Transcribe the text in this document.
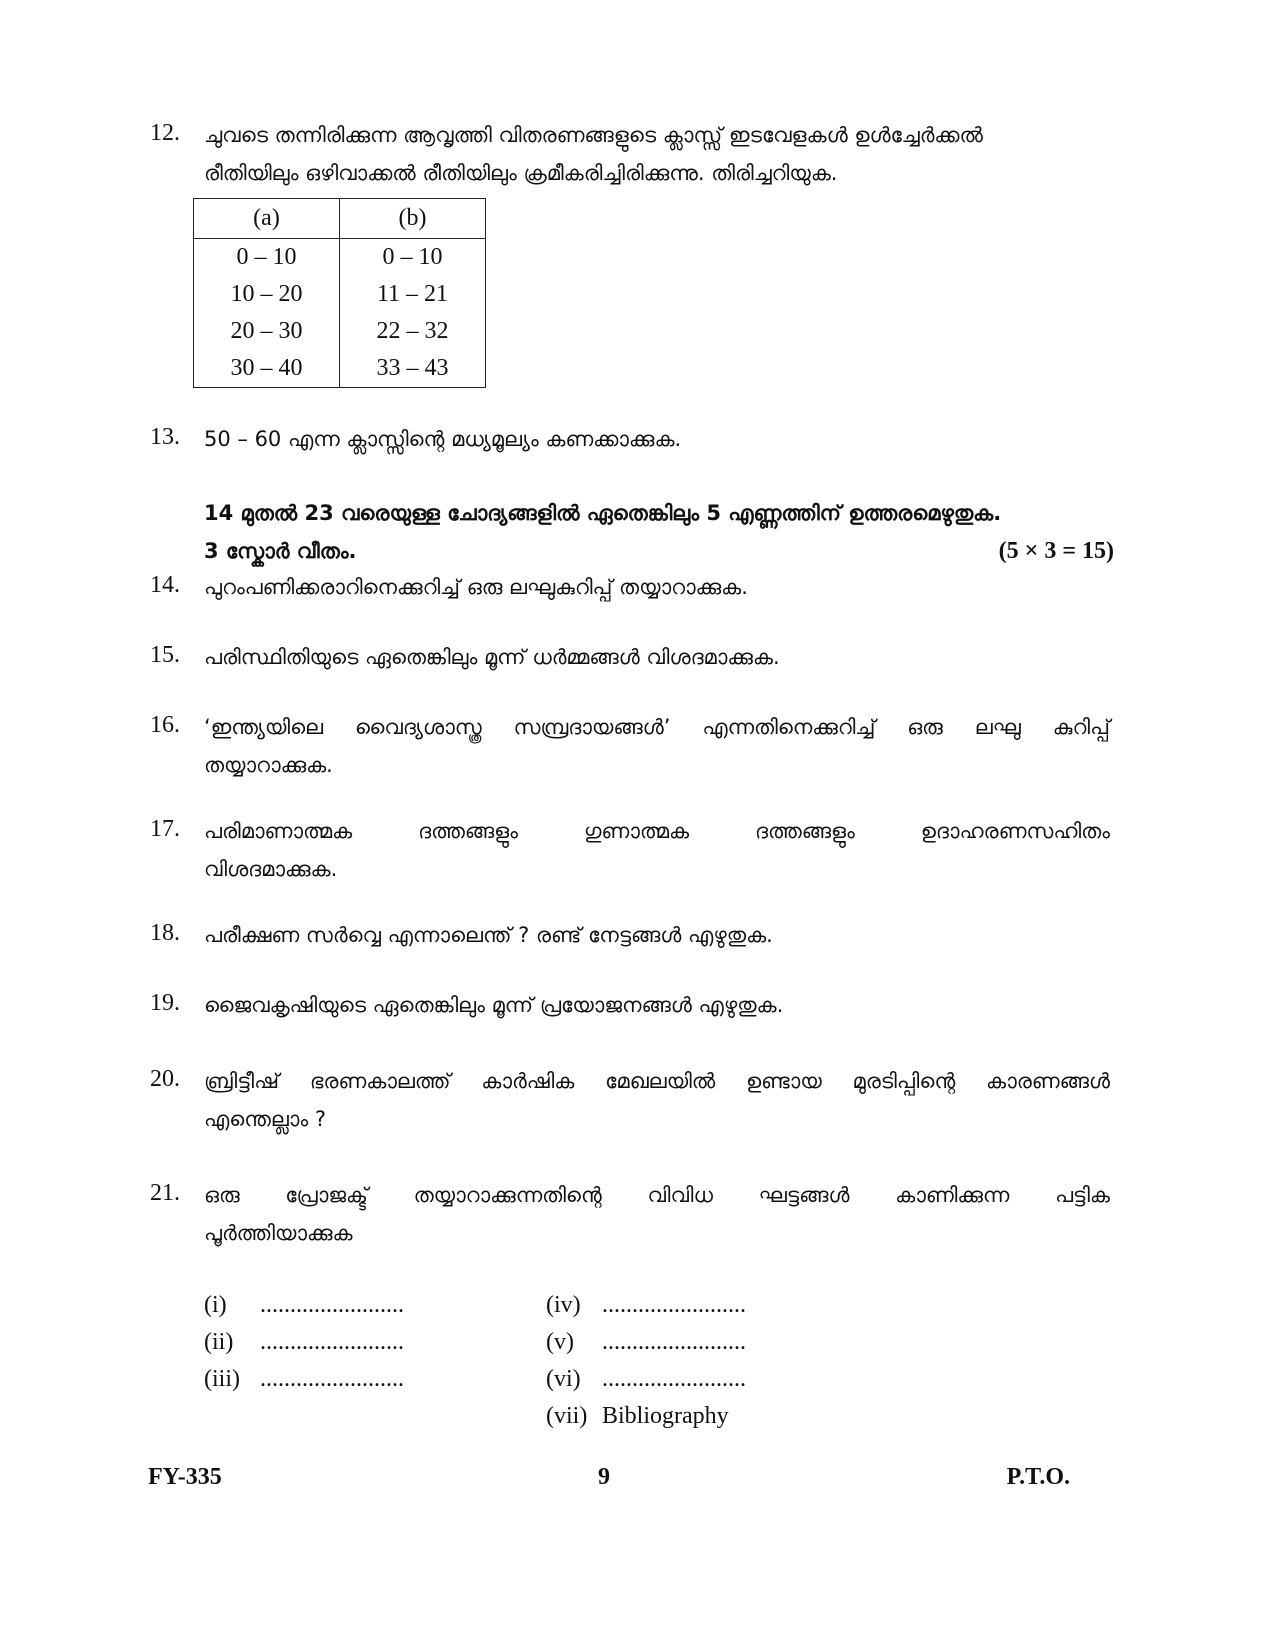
12. ചുവടെ തന്നിരിക്കുന്ന ആവൃത്തി വിതരണങ്ങളുടെ ക്ലാസ്സ് ഇടവേളകൾ ഉൾച്ചേർക്കൽ
രീതിയിലും ഒഴിവാക്കൽ രീതിയിലും ക്രമീകരിച്ചിരിക്കുന്നു. തിരിച്ചറിയുക.
(a)	(b)
0 – 10	0 – 10
10 – 20	11 – 21
20 – 30	22 – 32
30 – 40	33 – 43
13. 50 – 60 എന്ന ക്ലാസ്സിന്റെ മധ്യമൂല്യം കണക്കാക്കുക.
14 മുതൽ 23 വരെയുള്ള ചോദ്യങ്ങളിൽ ഏതെങ്കിലും 5 എണ്ണത്തിന് ഉത്തരമെഴുതുക.
3 സ്കോർ വീതം.	(5 × 3 = 15)
14. പുറംപണിക്കരാറിനെക്കുറിച്ച് ഒരു ലഘുകുറിപ്പ് തയ്യാറാക്കുക.
15. പരിസ്ഥിതിയുടെ ഏതെങ്കിലും മൂന്ന് ധർമ്മങ്ങൾ വിശദമാക്കുക.
16. ‘ഇന്ത്യയിലെ വൈദ്യശാസ്ത്ര സമ്പ്രദായങ്ങൾ’ എന്നതിനെക്കുറിച്ച് ഒരു ലഘു കുറിപ്പ്
തയ്യാറാക്കുക.
17. പരിമാണാത്മക	ദത്തങ്ങളും	ഗുണാത്മക	ദത്തങ്ങളും	ഉദാഹരണസഹിതം
വിശദമാക്കുക.
18. പരീക്ഷണ സർവ്വെ എന്നാലെന്ത് ? രണ്ട് നേട്ടങ്ങൾ എഴുതുക.
19. ജൈവകൃഷിയുടെ ഏതെങ്കിലും മൂന്ന് പ്രയോജനങ്ങൾ എഴുതുക.
20. ബ്രിട്ടീഷ് ഭരണകാലത്ത് കാർഷിക മേഖലയിൽ ഉണ്ടായ മുരടിപ്പിന്റെ കാരണങ്ങൾ
എന്തെല്ലാം ?
21. ഒരു പ്രോജക്ട് തയ്യാറാക്കുന്നതിന്റെ വിവിധ ഘട്ടങ്ങൾ കാണിക്കുന്ന പട്ടിക
പൂർത്തിയാക്കുക
(i) ........................
(ii) ........................
(iii) ........................
(iv) ........................
(v) ........................
(vi) ........................
(vii) Bibliography
FY-335	9	P.T.O.
